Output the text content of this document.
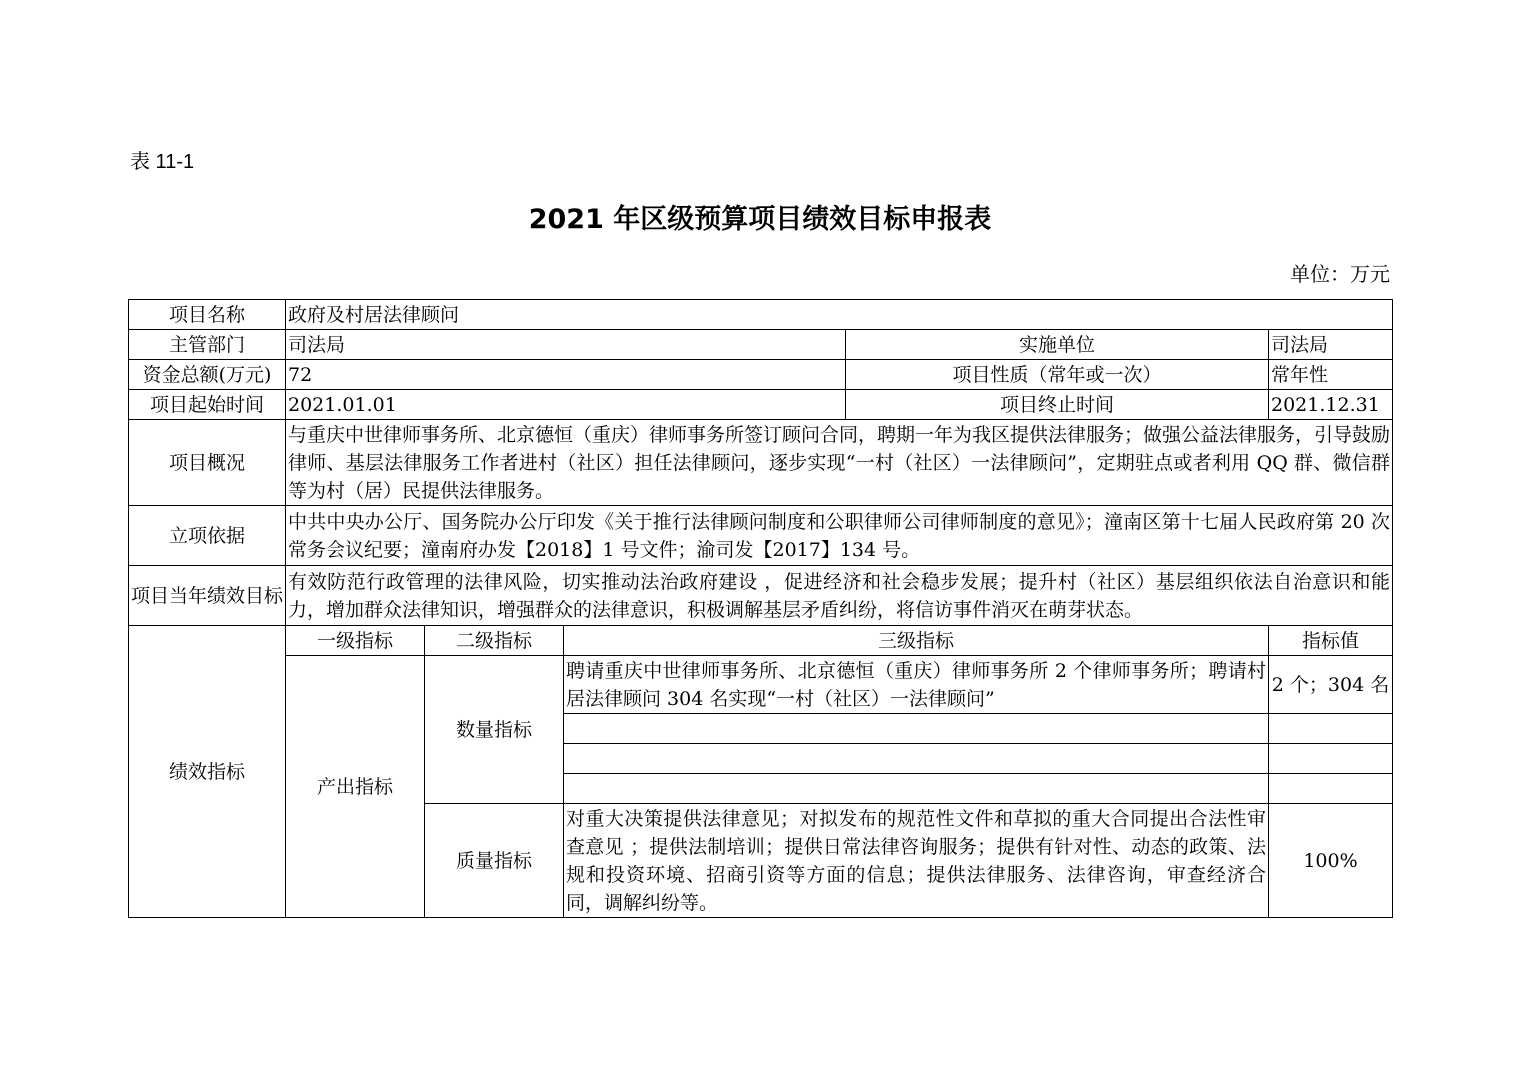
表 11-1
2021 年区级预算项目绩效目标申报表
单位：万元
项目名称	政府及村居法律顾问				
主管部门	司法局			实施单位	司法局
资金总额(万元)	72			项目性质（常年或一次）	常年性
项目起始时间	2021.01.01			项目终止时间	2021.12.31
项目概况	与重庆中世律师事务所、北京德恒（重庆）律师事务所签订顾问合同，聘期一年为我区提供法律服务；做强公益法律服务，引导鼓励律师、基层法律服务工作者进村（社区）担任法律顾问，逐步实现“一村（社区）一法律顾问”，定期驻点或者利用 QQ 群、微信群等为村（居）民提供法律服务。				
立项依据	中共中央办公厅、国务院办公厅印发《关于推行法律顾问制度和公职律师公司律师制度的意见》；潼南区第十七届人民政府第 20 次常务会议纪要；潼南府办发【2018】1 号文件；渝司发【2017】134 号。				
项目当年绩效目标	有效防范行政管理的法律风险，切实推动法治政府建设 ，促进经济和社会稳步发展；提升村（社区）基层组织依法自治意识和能力，增加群众法律知识，增强群众的法律意识，积极调解基层矛盾纠纷，将信访事件消灭在萌芽状态。				
绩效指标	一级指标	二级指标	三级指标		指标值
	产出指标	数量指标	聘请重庆中世律师事务所、北京德恒（重庆）律师事务所 2 个律师事务所；聘请村居法律顾问 304 名实现“一村（社区）一法律顾问”		2 个；304 名

		质量指标	对重大决策提供法律意见；对拟发布的规范性文件和草拟的重大合同提出合法性审查意见 ；提供法制培训；提供日常法律咨询服务；提供有针对性、动态的政策、法规和投资环境、招商引资等方面的信息；提供法律服务、法律咨询，审查经济合同，调解纠纷等。		100%
